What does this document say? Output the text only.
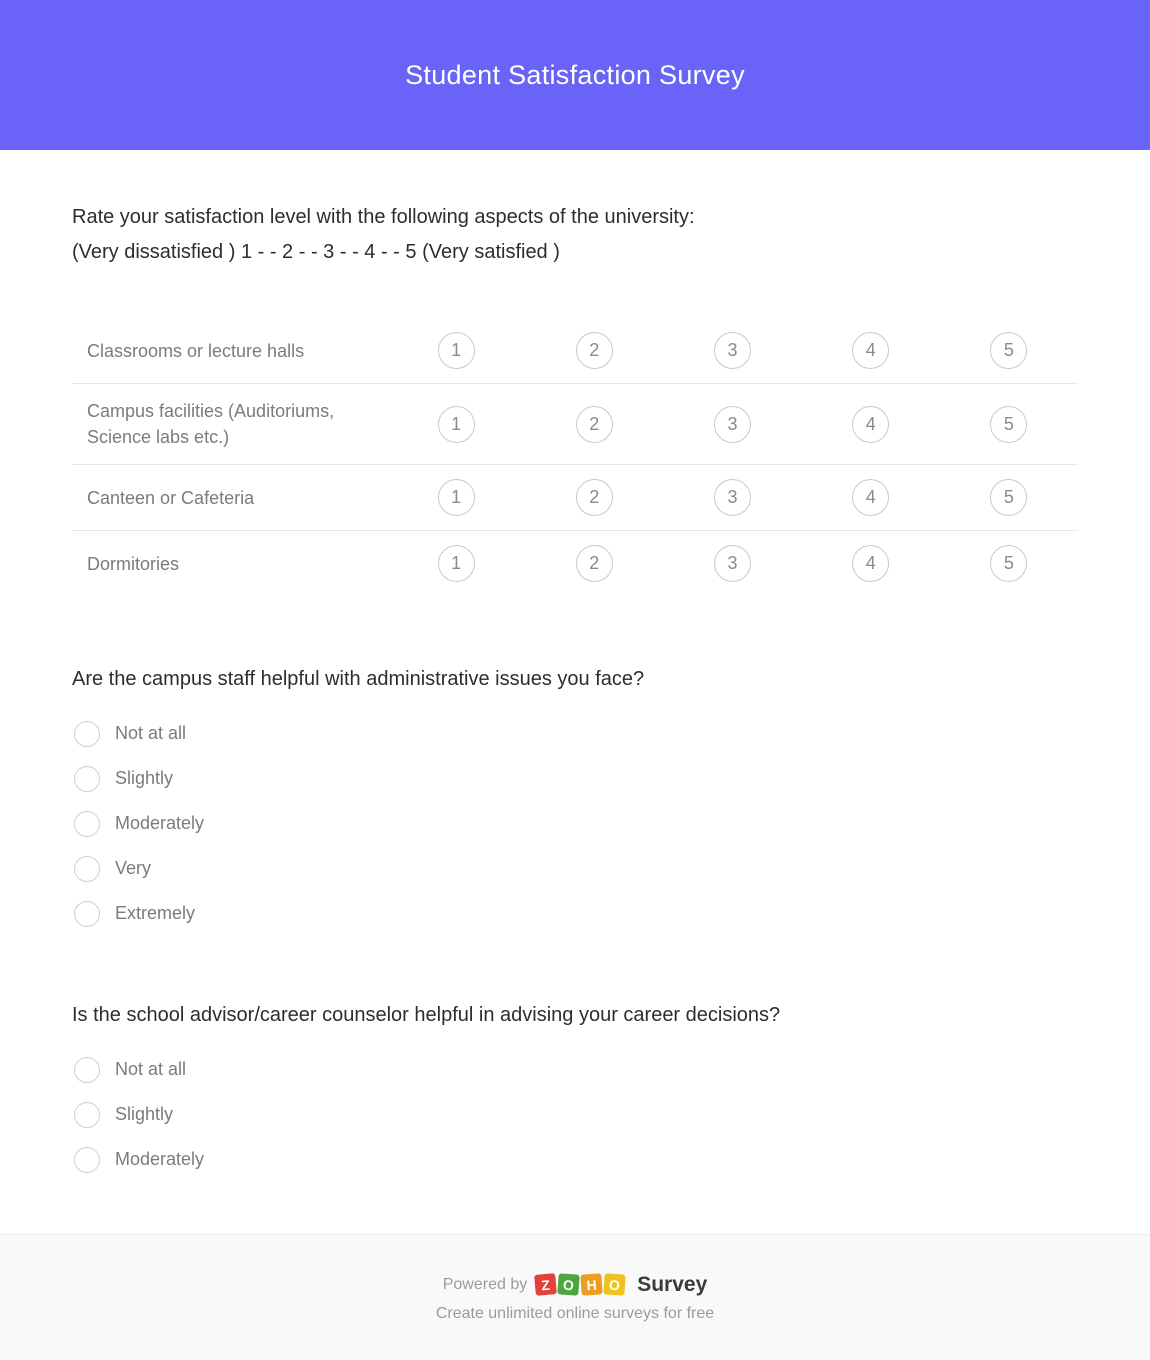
Student Satisfaction Survey
Rate your satisfaction level with the following aspects of the university:
(Very dissatisfied ) 1 - - 2 - - 3 - - 4 - - 5 (Very satisfied )
Classrooms or lecture halls	1	2	3	4	5
Campus facilities (Auditoriums, Science labs etc.)
1	2	3	4	5
Canteen or Cafeteria	1	2	3	4	5
Dormitories	1	2	3	4	5
Are the campus staff helpful with administrative issues you face?
Not at all
Slightly
Moderately
Very
Extremely
Is the school advisor/career counselor helpful in advising your career decisions?
Not at all
Slightly
Moderately
Powered by Z O H O Survey
Create unlimited online surveys for free
